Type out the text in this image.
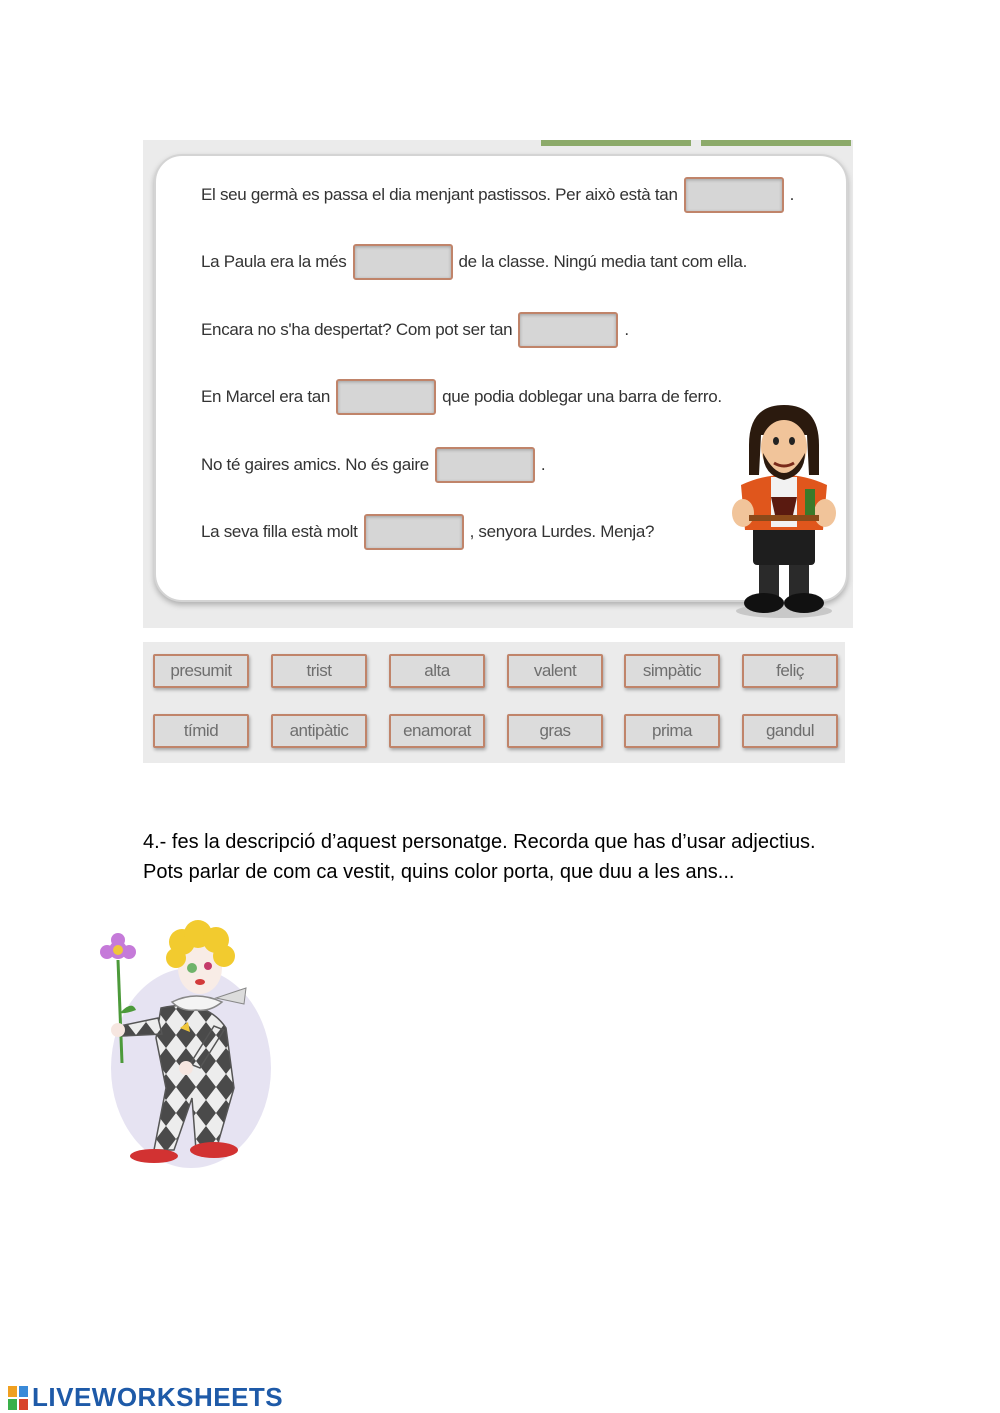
El seu germà es passa el dia menjant pastissos. Per això està tan	.
La Paula era la més	de la classe. Ningú media tant com ella.
Encara no s'ha despertat? Com pot ser tan	.
En Marcel era tan	que podia doblegar una barra de ferro.
No té gaires amics. No és gaire	.
La seva filla està molt	, senyora Lurdes. Menja?
presumit	trist	alta	valent	simpàtic	feliç
tímid	antipàtic	enamorat	gras	prima	gandul
4.- fes la descripció d’aquest personatge. Recorda que has d’usar adjectius.
Pots parlar de com ca vestit, quins color porta, que duu a les ans...
LIVEWORKSHEETS
